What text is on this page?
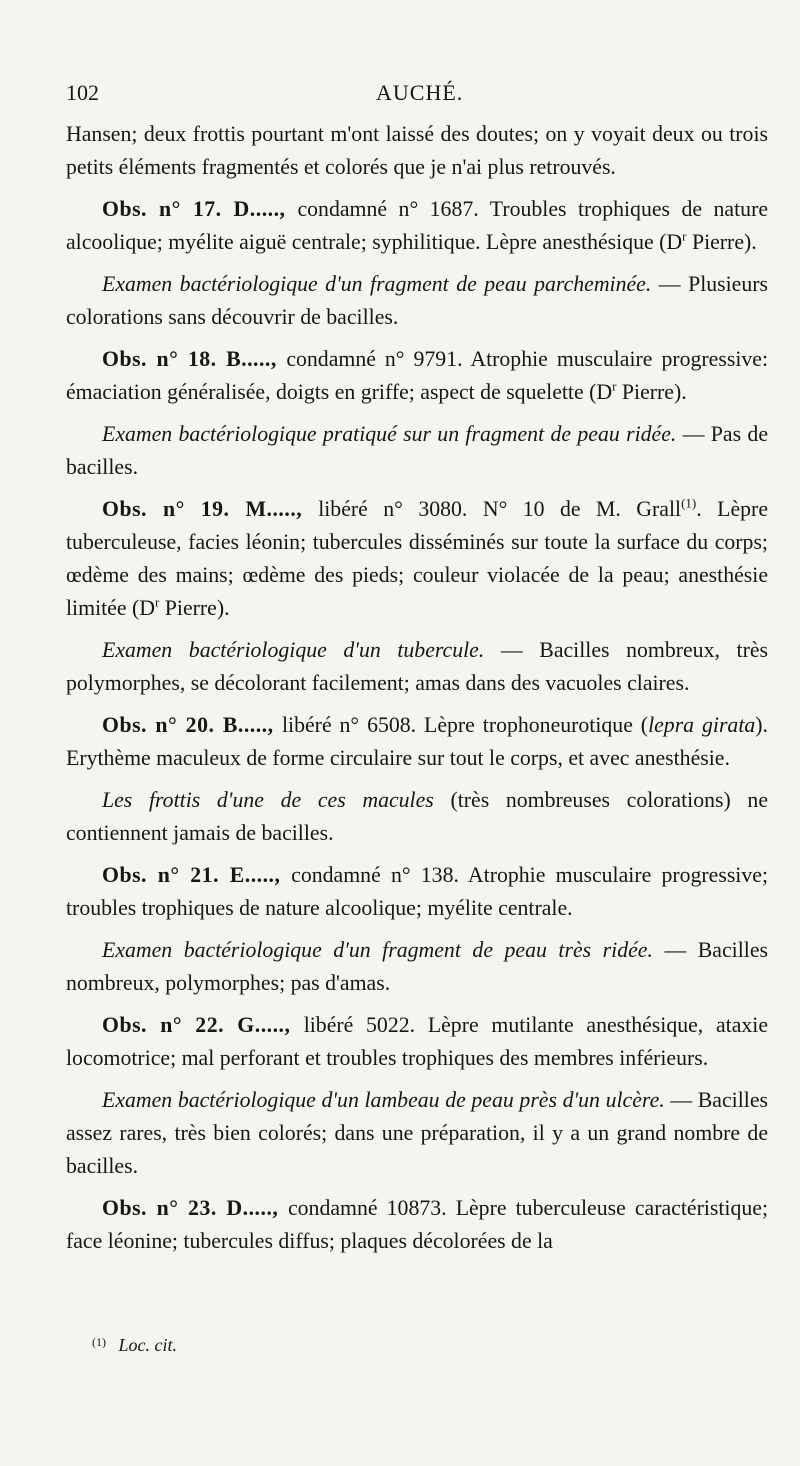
102	AUCHÉ.

Hansen; deux frottis pourtant m'ont laissé des doutes; on y voyait deux ou trois petits éléments fragmentés et colorés que je n'ai plus retrouvés.

Obs. n° 17. D....., condamné n° 1687. Troubles trophiques de nature alcoolique; myélite aiguë centrale; syphilitique. Lèpre anesthésique ($D^r$ Pierre).

Examen bactériologique d'un fragment de peau parcheminée. — Plusieurs colorations sans découvrir de bacilles.

Obs. n° 18. B....., condamné n° 9791. Atrophie musculaire progressive: émaciation généralisée, doigts en griffe; aspect de squelette ($D^r$ Pierre).

Examen bactériologique pratiqué sur un fragment de peau ridée. — Pas de bacilles.

Obs. n° 19. M....., libéré n° 3080. N° 10 de M. Grall$^{(1)}$. Lèpre tuberculeuse, facies léonin; tubercules disséminés sur toute la surface du corps; œdème des mains; œdème des pieds; couleur violacée de la peau; anesthésie limitée ($D^r$ Pierre).

Examen bactériologique d'un tubercule. — Bacilles nombreux, très polymorphes, se décolorant facilement; amas dans des vacuoles claires.

Obs. n° 20. B....., libéré n° 6508. Lèpre trophoneurotique (lepra girata). Erythème maculeux de forme circulaire sur tout le corps, et avec anesthésie.

Les frottis d'une de ces macules (très nombreuses colorations) ne contiennent jamais de bacilles.

Obs. n° 21. E....., condamné n° 138. Atrophie musculaire progressive; troubles trophiques de nature alcoolique; myélite centrale.

Examen bactériologique d'un fragment de peau très ridée. — Bacilles nombreux, polymorphes; pas d'amas.

Obs. n° 22. G....., libéré 5022. Lèpre mutilante anesthésique, ataxie locomotrice; mal perforant et troubles trophiques des membres inférieurs.

Examen bactériologique d'un lambeau de peau près d'un ulcère. — Bacilles assez rares, très bien colorés; dans une préparation, il y a un grand nombre de bacilles.

Obs. n° 23. D....., condamné 10873. Lèpre tuberculeuse caractéristique; face léonine; tubercules diffus; plaques décolorées de la

$^{(1)}$ Loc. cit.
